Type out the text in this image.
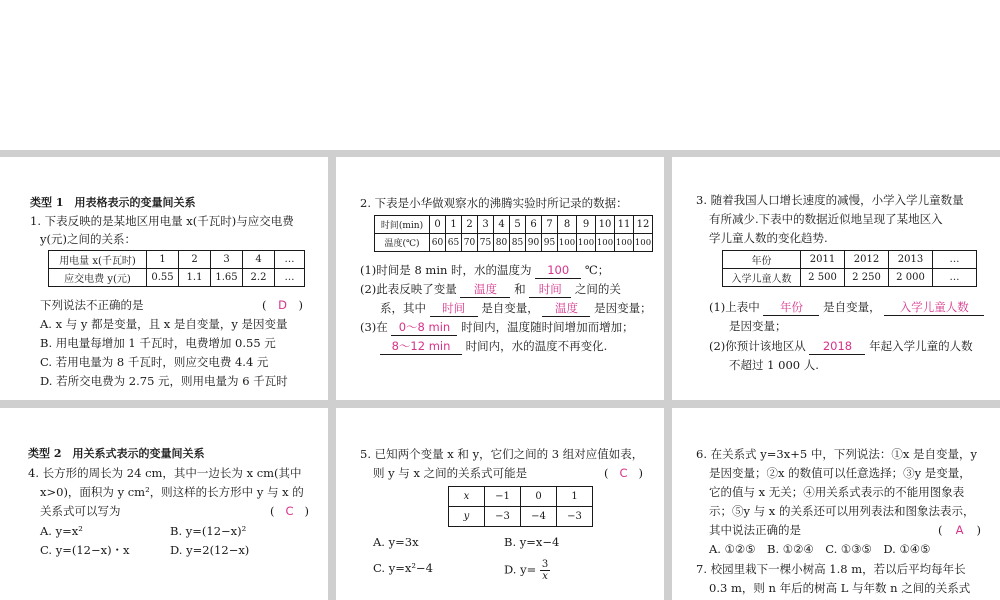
类型 1　用表格表示的变量间关系
1. 下表反映的是某地区用电量 x(千瓦时)与应交电费
y(元)之间的关系：
用电量 x(千瓦时)	1	2	3	4	…
应交电费 y(元)	0.55	1.1	1.65	2.2	…
下列说法不正确的是	( D )
A. x 与 y 都是变量，且 x 是自变量，y 是因变量
B. 用电量每增加 1 千瓦时，电费增加 0.55 元
C. 若用电量为 8 千瓦时，则应交电费 4.4 元
D. 若所交电费为 2.75 元，则用电量为 6 千瓦时
2. 下表是小华做观察水的沸腾实验时所记录的数据：
时间(min)	0	1	2	3	4	5	6	7	8	9	10	11	12
温度(℃)	60	65	70	75	80	85	90	95	100	100	100	100	100
(1)时间是 8 min 时，水的温度为 100 ℃；
(2)此表反映了变量 温度 和 时间 之间的关
系，其中 时间 是自变量， 温度 是因变量；
(3)在 0～8 min 时间内，温度随时间增加而增加；
8～12 min 时间内，水的温度不再变化.
3. 随着我国人口增长速度的减慢，小学入学儿童数量
有所减少.下表中的数据近似地呈现了某地区入
学儿童人数的变化趋势.
年份	2011	2012	2013	…
入学儿童人数	2 500	2 250	2 000	…
(1)上表中 年份 是自变量， 入学儿童人数
是因变量；
(2)你预计该地区从 2018 年起入学儿童的人数
不超过 1 000 人.
类型 2　用关系式表示的变量间关系
4. 长方形的周长为 24 cm，其中一边长为 x cm(其中
x>0)，面积为 y cm²，则这样的长方形中 y 与 x 的
关系式可以写为	( C )
A. y=x²	B. y=(12−x)²
C. y=(12−x)・x	D. y=2(12−x)
5. 已知两个变量 x 和 y，它们之间的 3 组对应值如表，
则 y 与 x 之间的关系式可能是	( C )
x	−1	0	1
y	−3	−4	−3
A. y=3x	B. y=x−4
C. y=x²−4	D. $y= \frac{3}{x}$
6. 在关系式 y=3x+5 中，下列说法：①x 是自变量，y
是因变量；②x 的数值可以任意选择；③y 是变量，
它的值与 x 无关；④用关系式表示的不能用图象表
示；⑤y 与 x 的关系还可以用列表法和图象法表示，
其中说法正确的是	( A )
A. ①②⑤　B. ①②④　C. ①③⑤　D. ①④⑤
7. 校园里栽下一棵小树高 1.8 m，若以后平均每年长
0.3 m，则 n 年后的树高 L 与年数 n 之间的关系式
